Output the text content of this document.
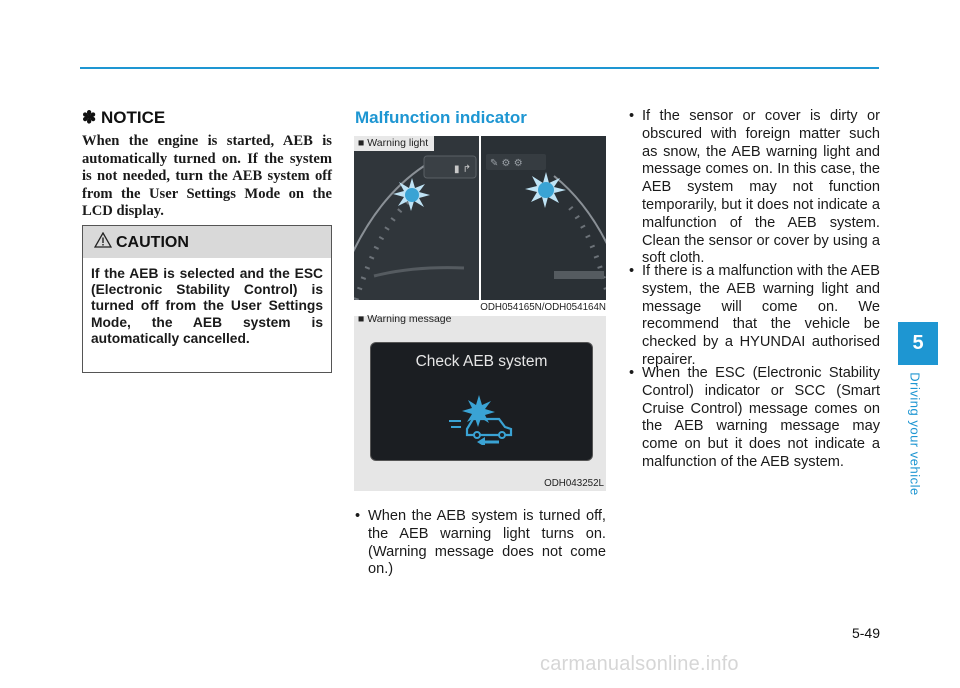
✽ NOTICE
When the engine is started, AEB is automatically turned on. If the system is not needed, turn the AEB system off from the User Settings Mode on the LCD display.
CAUTION
If the AEB is selected and the ESC (Electronic Stability Control) is turned off from the User Settings Mode, the AEB system is automatically cancelled.
Malfunction indicator
▮ ↱
✎ ⚙ ⚙
■ Warning light
ODH054165N/ODH054164N
■ Warning message
Check AEB system
ODH043252L
• When the AEB system is turned off, the AEB warning light turns on. (Warning message does not come on.)
• If the sensor or cover is dirty or obscured with foreign matter such as snow, the AEB warning light and message comes on. In this case, the AEB system may not function temporarily, but it does not indicate a malfunction of the AEB system. Clean the sensor or cover by using a soft cloth.
• If there is a malfunction with the AEB system, the AEB warning light and message will come on. We recommend that the vehicle be checked by a HYUNDAI authorised repairer.
• When the ESC (Electronic Stability Control) indicator or SCC (Smart Cruise Control) message comes on the AEB warning message may come on but it does not indicate a malfunction of the AEB system.
5
Driving your vehicle
5-49
carmanualsonline.info
